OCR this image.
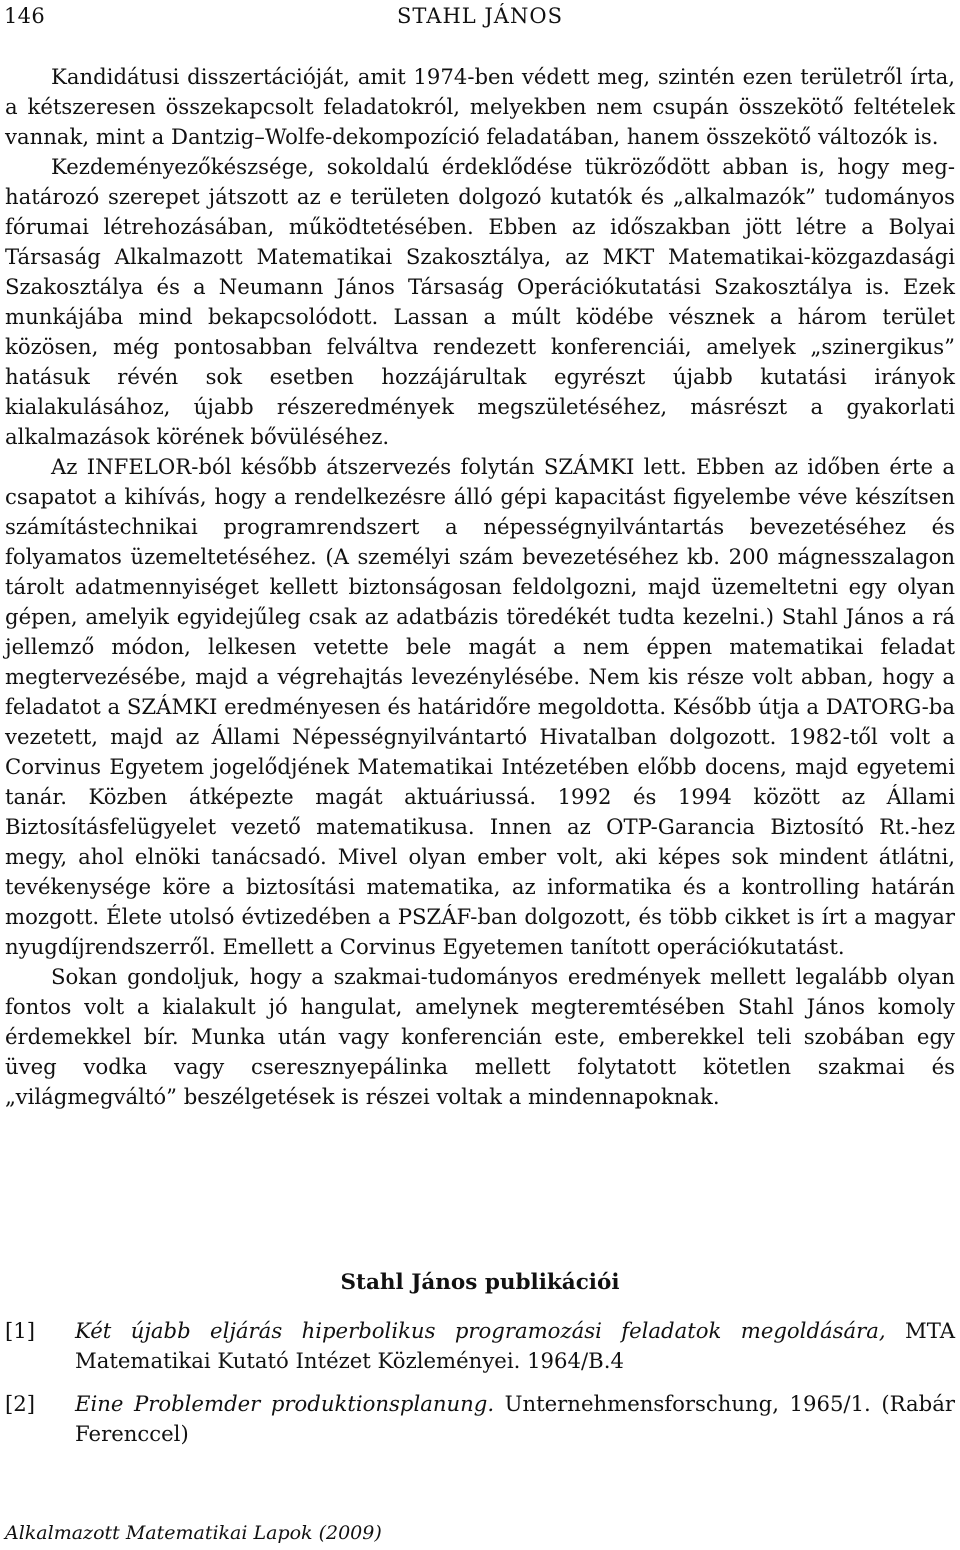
146	STAHL JÁNOS

Kandidátusi disszertációját, amit 1974-ben védett meg, szintén ezen területről írta, a kétszeresen összekapcsolt feladatokról, melyekben nem csupán összekötő feltételek vannak, mint a Dantzig–Wolfe-dekompozíció feladatában, hanem összekötő változók is.

Kezdeményezőkészsége, sokoldalú érdeklődése tükröződött abban is, hogy meghatározó szerepet játszott az e területen dolgozó kutatók és „alkalmazók” tudományos fórumai létrehozásában, működtetésében. Ebben az időszakban jött létre a Bolyai Társaság Alkalmazott Matematikai Szakosztálya, az MKT Matematikai-közgazdasági Szakosztálya és a Neumann János Társaság Operációkutatási Szakosztálya is. Ezek munkájába mind bekapcsolódott. Lassan a múlt ködébe vésznek a három terület közösen, még pontosabban felváltva rendezett konferenciái, amelyek „szinergikus” hatásuk révén sok esetben hozzájárultak egyrészt újabb kutatási irányok kialakulásához, újabb részeredmények megszületéséhez, másrészt a gyakorlati alkalmazások körének bővüléséhez.

Az INFELOR-ból később átszervezés folytán SZÁMKI lett. Ebben az időben érte a csapatot a kihívás, hogy a rendelkezésre álló gépi kapacitást figyelembe véve készítsen számítástechnikai programrendszert a népességnyilvántartás bevezetéséhez és folyamatos üzemeltetéséhez. (A személyi szám bevezetéséhez kb. 200 mágnesszalagon tárolt adatmennyiséget kellett biztonságosan feldolgozni, majd üzemeltetni egy olyan gépen, amelyik egyidejűleg csak az adatbázis töredékét tudta kezelni.) Stahl János a rá jellemző módon, lelkesen vetette bele magát a nem éppen matematikai feladat megtervezésébe, majd a végrehajtás levezénylésébe. Nem kis része volt abban, hogy a feladatot a SZÁMKI eredményesen és határidőre megoldotta. Később útja a DATORG-ba vezetett, majd az Állami Népességnyilvántartó Hivatalban dolgozott. 1982-től volt a Corvinus Egyetem jogelődjének Matematikai Intézetében előbb docens, majd egyetemi tanár. Közben átképezte magát aktuáriussá. 1992 és 1994 között az Állami Biztosításfelügyelet vezető matematikusa. Innen az OTP-Garancia Biztosító Rt.-hez megy, ahol elnöki tanácsadó. Mivel olyan ember volt, aki képes sok mindent átlátni, tevékenysége köre a biztosítási matematika, az informatika és a kontrolling határán mozgott. Élete utolsó évtizedében a PSZÁF-ban dolgozott, és több cikket is írt a magyar nyugdíjrendszerről. Emellett a Corvinus Egyetemen tanított operációkutatást.

Sokan gondoljuk, hogy a szakmai-tudományos eredmények mellett legalább olyan fontos volt a kialakult jó hangulat, amelynek megteremtésében Stahl János komoly érdemekkel bír. Munka után vagy konferencián este, emberekkel teli szobában egy üveg vodka vagy cseresznyepálinka mellett folytatott kötetlen szakmai és „világmegváltó” beszélgetések is részei voltak a mindennapoknak.

Stahl János publikációi
[1] Két újabb eljárás hiperbolikus programozási feladatok megoldására, MTA Matematikai Kutató Intézet Közleményei. 1964/B.4
[2] Eine Problemder produktionsplanung. Unternehmensforschung, 1965/1. (Rabár Ferenccel)
Alkalmazott Matematikai Lapok (2009)
